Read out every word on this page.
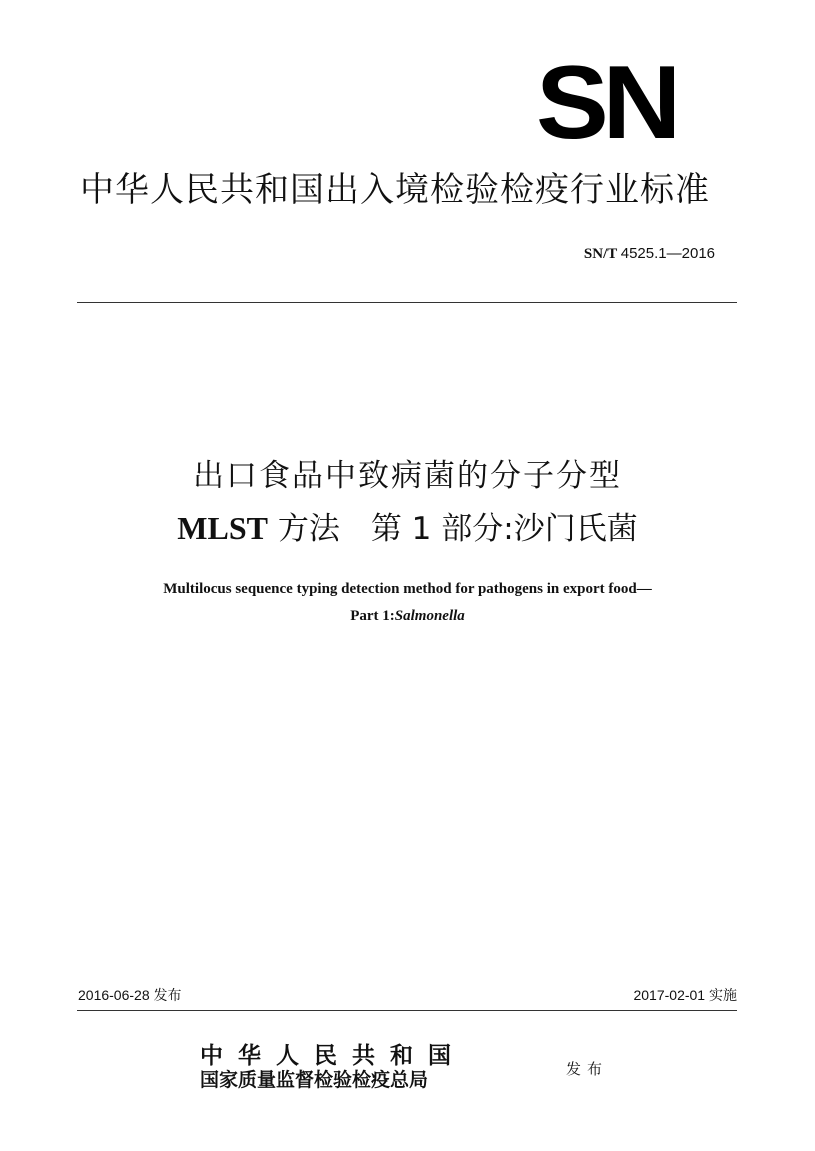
SN
中华人民共和国出入境检验检疫行业标准
SN/T 4525.1—2016
出口食品中致病菌的分子分型
MLST 方法　第 1 部分:沙门氏菌
Multilocus sequence typing detection method for pathogens in export food—
Part 1:Salmonella
2016-06-28 发布	2017-02-01 实施
中华人民共和国
国家质量监督检验检疫总局	发布
